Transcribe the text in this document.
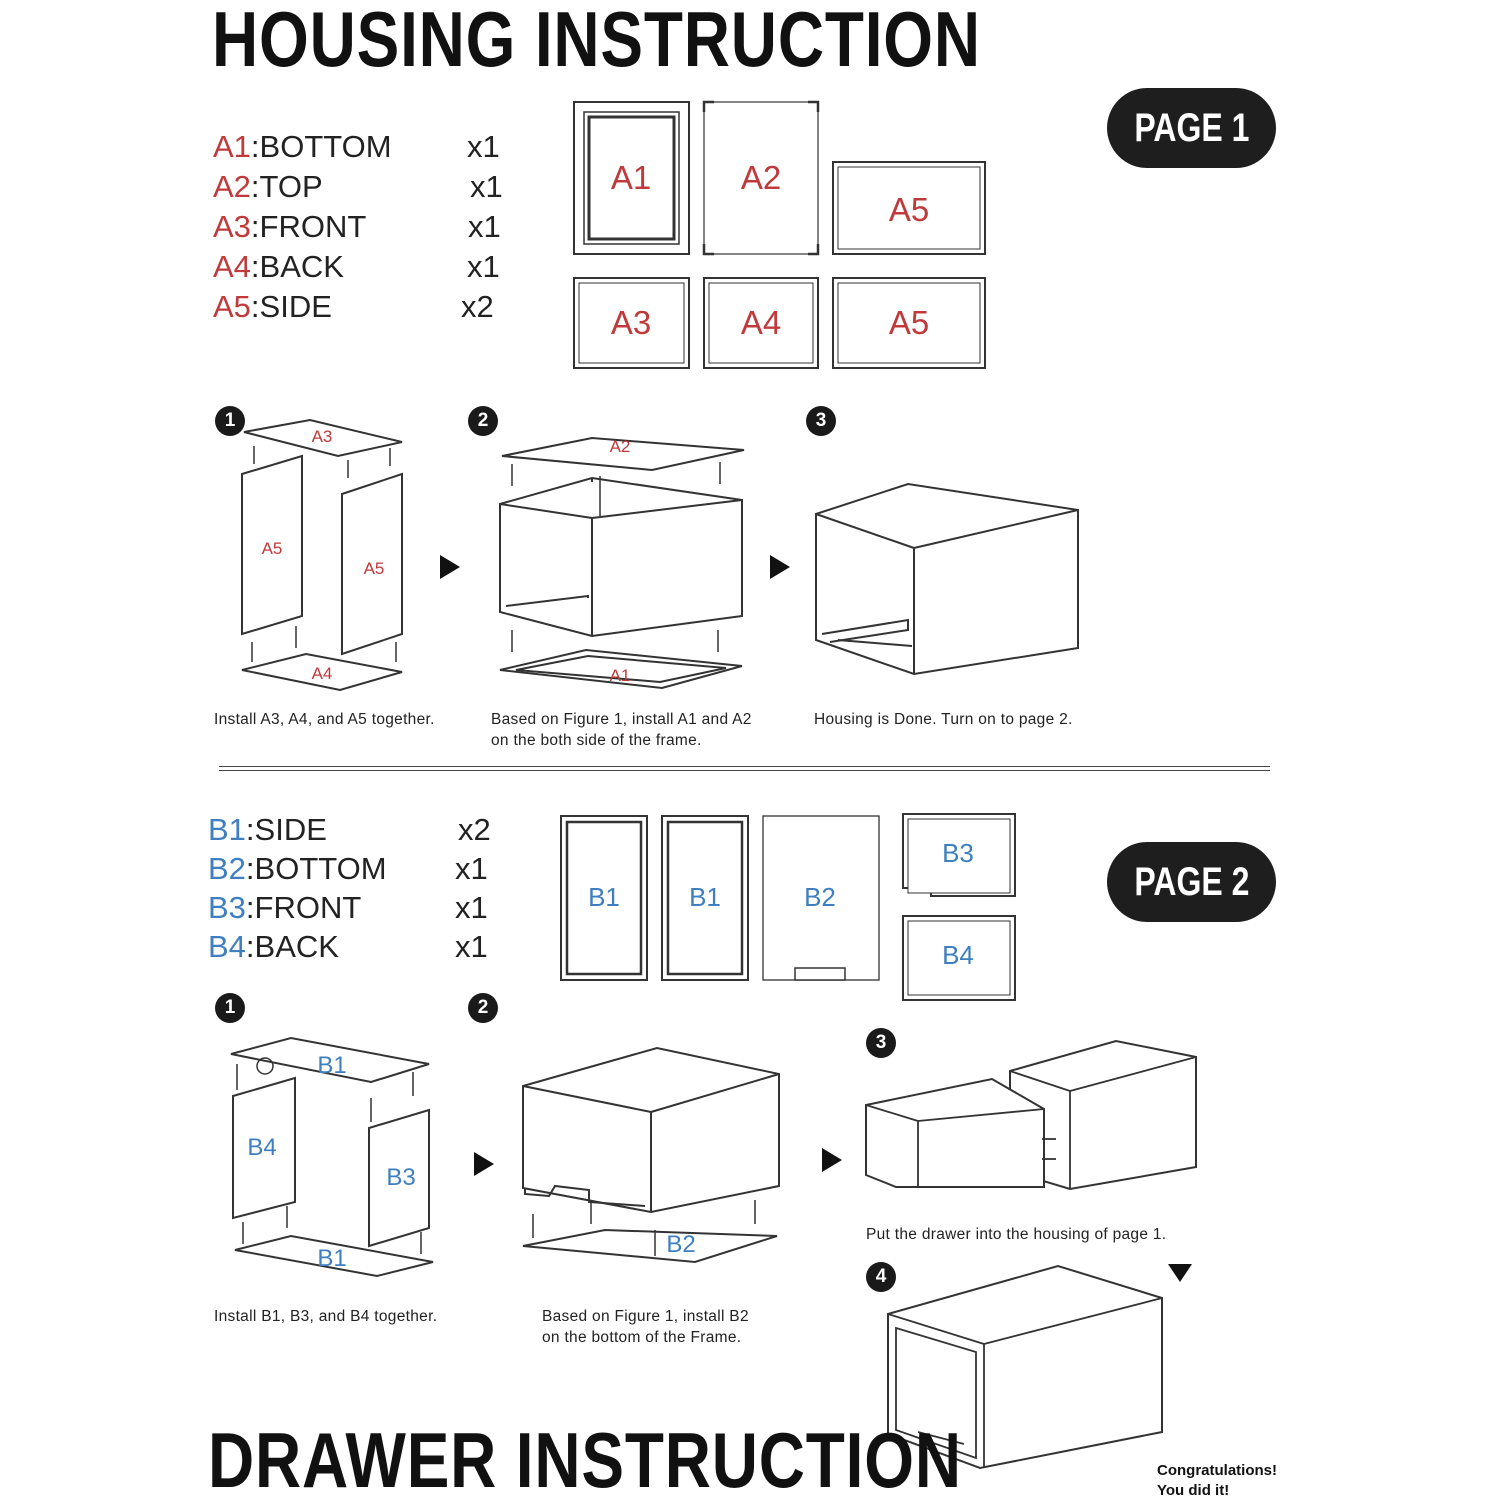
HOUSING INSTRUCTION
PAGE 1
A1:BOTTOM x1
A2:TOP	x1
A3:FRONT	x1
A4:BACK	x1
A5:SIDE	x2
A1	A2
A5
A3	A4	A5
1
A3
A5
A5
A4
Install A3, A4, and A5 together.
2
A2
A1
Based on Figure 1, install A1 and A2
on the both side of the frame.
3
Housing is Done. Turn on to page 2.
PAGE 2
B1:SIDE	x2
B2:BOTTOM x1
B3:FRONT	x1
B4:BACK	x1
B1	B1	B2
B3
B4
1
B1
B4
B3
B1
Install B1, B3, and B4 together.
2
B2
Based on Figure 1, install B2
on the bottom of the Frame.
3
Put the drawer into the housing of page 1.
4
DRAWER INSTRUCTION	Congratulations!
You did it!
